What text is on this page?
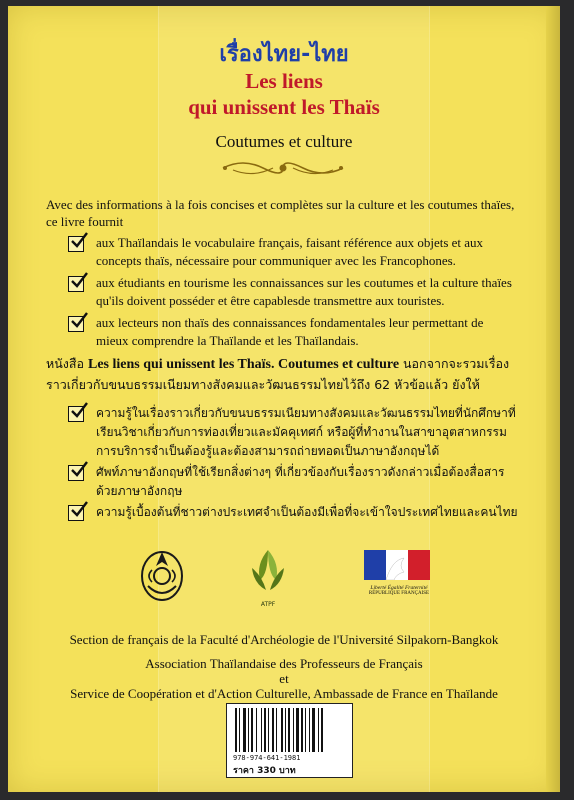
เรื่องไทย-ไทย
Les liens
qui unissent les Thaïs
Coutumes et culture
Avec des informations à la fois concises et complètes sur la culture et les coutumes thaïes, ce livre fournit
aux Thaïlandais le vocabulaire français, faisant référence aux objets et aux concepts thaïs, nécessaire pour communiquer avec les Francophones.
aux étudiants en tourisme les connaissances sur les coutumes et la culture thaïes qu'ils doivent posséder et être capablesde transmettre aux touristes.
aux lecteurs non thaïs des connaissances fondamentales leur permettant de mieux comprendre la Thaïlande et les Thaïlandais.
หนังสือ Les liens qui unissent les Thaïs. Coutumes et culture นอกจากจะรวมเรื่องราวเกี่ยวกับขนบธรรมเนียมทางสังคมและวัฒนธรรมไทยไว้ถึง 62 หัวข้อแล้ว ยังให้
ความรู้ในเรื่องราวเกี่ยวกับขนบธรรมเนียมทางสังคมและวัฒนธรรมไทยที่นักศึกษาที่เรียนวิชาเกี่ยวกับการท่องเที่ยวและมัคคุเทศก์ หรือผู้ที่ทำงานในสาขาอุตสาหกรรมการบริการจำเป็นต้องรู้และต้องสามารถถ่ายทอดเป็นภาษาอังกฤษได้
ศัพท์ภาษาอังกฤษที่ใช้เรียกสิ่งต่างๆ ที่เกี่ยวข้องกับเรื่องราวดังกล่าวเมื่อต้องสื่อสารด้วยภาษาอังกฤษ
ความรู้เบื้องต้นที่ชาวต่างประเทศจำเป็นต้องมีเพื่อที่จะเข้าใจประเทศไทยและคนไทย
ATPF
Liberté Égalité Fraternité
RÉPUBLIQUE FRANÇAISE
Section de français de la Faculté d'Archéologie de l'Université Silpakorn-Bangkok
Association Thaïlandaise des Professeurs de Français
et
Service de Coopération et d'Action Culturelle, Ambassade de France en Thaïlande
978-974-641-1981
ราคา 330 บาท
